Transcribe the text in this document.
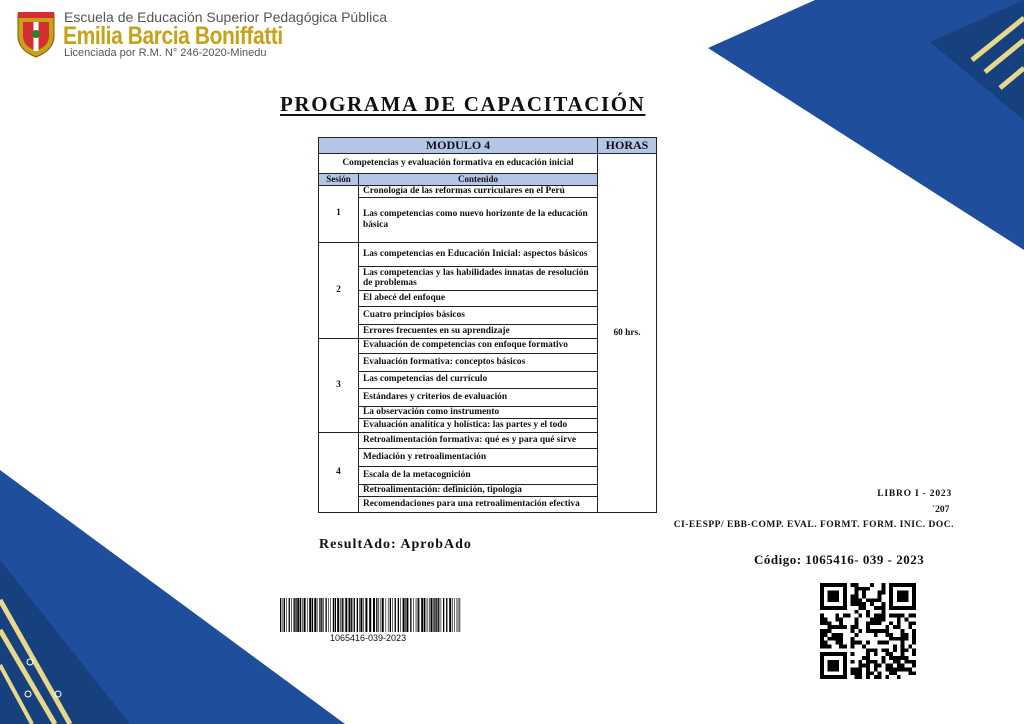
Escuela de Educación Superior Pedagógica Pública
Emilia Barcia Boniffatti
Licenciada por R.M. N° 246-2020-Minedu
PROGRAMA DE CAPACITACIÓN
MODULO 4		HORAS
Competencias y evaluación formativa en educación inicial		60 hrs.
Sesión	Contenido	
1	Cronología de las reformas curriculares en el Perú	
	Las competencias como nuevo horizonte de la educación básica	
2	Las competencias en Educación Inicial: aspectos básicos	
	Las competencias y las habilidades innatas de resolución de problemas	
	El abecé del enfoque	
	Cuatro principios básicos	
	Errores frecuentes en su aprendizaje	
3	Evaluación de competencias con enfoque formativo	
	Evaluación formativa: conceptos básicos	
	Las competencias del currículo	
	Estándares y criterios de evaluación	
	La observación como instrumento	
	Evaluación analítica y holística: las partes y el todo	
4	Retroalimentación formativa: qué es y para qué sirve	
	Mediación y retroalimentación	
	Escala de la metacognición	
	Retroalimentación: definición, tipología	
	Recomendaciones para una retroalimentación efectiva	
ResultAdo: AprobAdo
LIBRO I - 2023
´207
CI-EESPP/ EBB-COMP. EVAL. FORMT. FORM. INIC. DOC.
Código: 1065416- 039 - 2023
1065416-039-2023
